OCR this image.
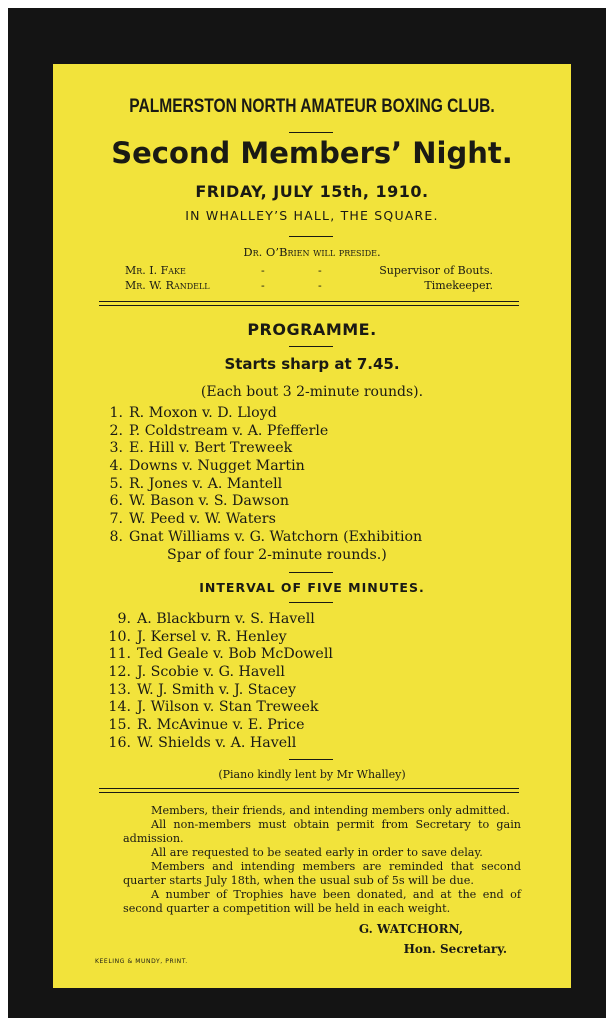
PALMERSTON NORTH AMATEUR BOXING CLUB.
Second Members’ Night.
FRIDAY, JULY 15th, 1910.
IN WHALLEY’S HALL, THE SQUARE.
Dr. O’Brien will preside.
Mr. I. Fake	-	-	Supervisor of Bouts.
Mr. W. Randell	-	-	Timekeeper.
PROGRAMME.
Starts sharp at 7.45.
(Each bout 3 2-minute rounds).
1. R. Moxon v. D. Lloyd
2. P. Coldstream v. A. Pfefferle
3. E. Hill v. Bert Treweek
4. Downs v. Nugget Martin
5. R. Jones v. A. Mantell
6. W. Bason v. S. Dawson
7. W. Peed v. W. Waters
8. Gnat Williams v. G. Watchorn (Exhibition
Spar of four 2-minute rounds.)
INTERVAL OF FIVE MINUTES.
9. A. Blackburn v. S. Havell
10. J. Kersel v. R. Henley
11. Ted Geale v. Bob McDowell
12. J. Scobie v. G. Havell
13. W. J. Smith v. J. Stacey
14. J. Wilson v. Stan Treweek
15. R. McAvinue v. E. Price
16. W. Shields v. A. Havell
(Piano kindly lent by Mr Whalley)

Members, their friends, and intending members only admitted.

All non-members must obtain permit from Secretary to gain admission.

All are requested to be seated early in order to save delay.

Members and intending members are reminded that second quarter starts July 18th, when the usual sub of 5s will be due.

A number of Trophies have been donated, and at the end of second quarter a competition will be held in each weight.

G. WATCHORN,
Hon. Secretary.
KEELING & MUNDY, PRINT.
